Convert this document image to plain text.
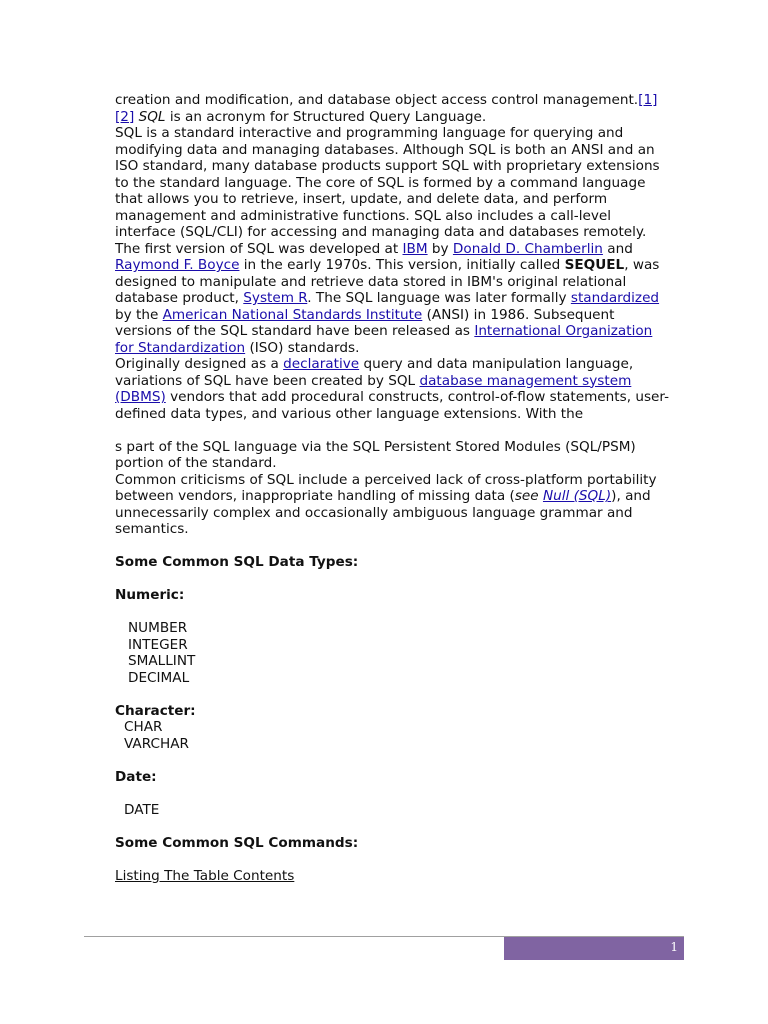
creation and modification, and database object access control management.[1][2] SQL is an acronym for Structured Query Language.

SQL is a standard interactive and programming language for querying and modifying data and managing databases. Although SQL is both an ANSI and an ISO standard, many database products support SQL with proprietary extensions to the standard language. The core of SQL is formed by a command language that allows you to retrieve, insert, update, and delete data, and perform management and administrative functions. SQL also includes a call-level interface (SQL/CLI) for accessing and managing data and databases remotely.

The first version of SQL was developed at IBM by Donald D. Chamberlin and Raymond F. Boyce in the early 1970s. This version, initially called SEQUEL, was designed to manipulate and retrieve data stored in IBM's original relational database product, System R. The SQL language was later formally standardized by the American National Standards Institute (ANSI) in 1986. Subsequent versions of the SQL standard have been released as International Organization for Standardization (ISO) standards.

Originally designed as a declarative query and data manipulation language, variations of SQL have been created by SQL database management system (DBMS) vendors that add procedural constructs, control-of-flow statements, user-defined data types, and various other language extensions. With the

s part of the SQL language via the SQL Persistent Stored Modules (SQL/PSM) portion of the standard.

Common criticisms of SQL include a perceived lack of cross-platform portability between vendors, inappropriate handling of missing data (see Null (SQL)), and unnecessarily complex and occasionally ambiguous language grammar and semantics.

Some Common SQL Data Types:

Numeric:

NUMBER

INTEGER

SMALLINT

DECIMAL

Character:

CHAR

VARCHAR

Date:

DATE

Some Common SQL Commands:

Listing The Table Contents

1
